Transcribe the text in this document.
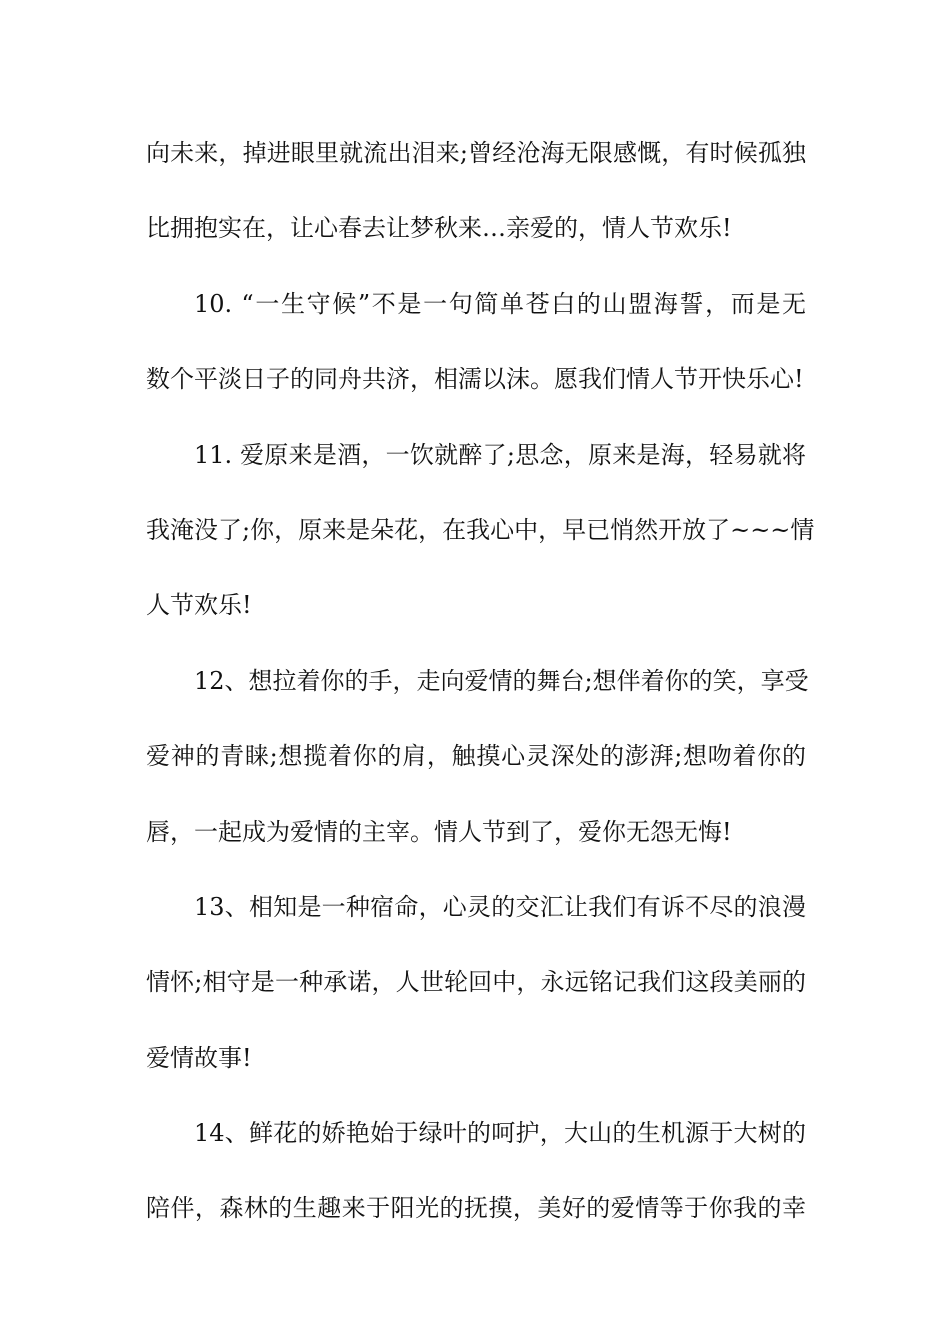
向未来，掉进眼里就流出泪来;曾经沧海无限感慨，有时候孤独
比拥抱实在，让心春去让梦秋来…亲爱的，情人节欢乐!
10. “一生守候”不是一句简单苍白的山盟海誓，而是无
数个平淡日子的同舟共济，相濡以沫。愿我们情人节开快乐心!
11. 爱原来是酒，一饮就醉了;思念，原来是海，轻易就将
我淹没了;你，原来是朵花，在我心中，早已悄然开放了~~~情
人节欢乐!
12、想拉着你的手，走向爱情的舞台;想伴着你的笑，享受
爱神的青睐;想揽着你的肩，触摸心灵深处的澎湃;想吻着你的
唇，一起成为爱情的主宰。情人节到了，爱你无怨无悔!
13、相知是一种宿命，心灵的交汇让我们有诉不尽的浪漫
情怀;相守是一种承诺，人世轮回中，永远铭记我们这段美丽的
爱情故事!
14、鲜花的娇艳始于绿叶的呵护，大山的生机源于大树的
陪伴，森林的生趣来于阳光的抚摸，美好的爱情等于你我的幸
